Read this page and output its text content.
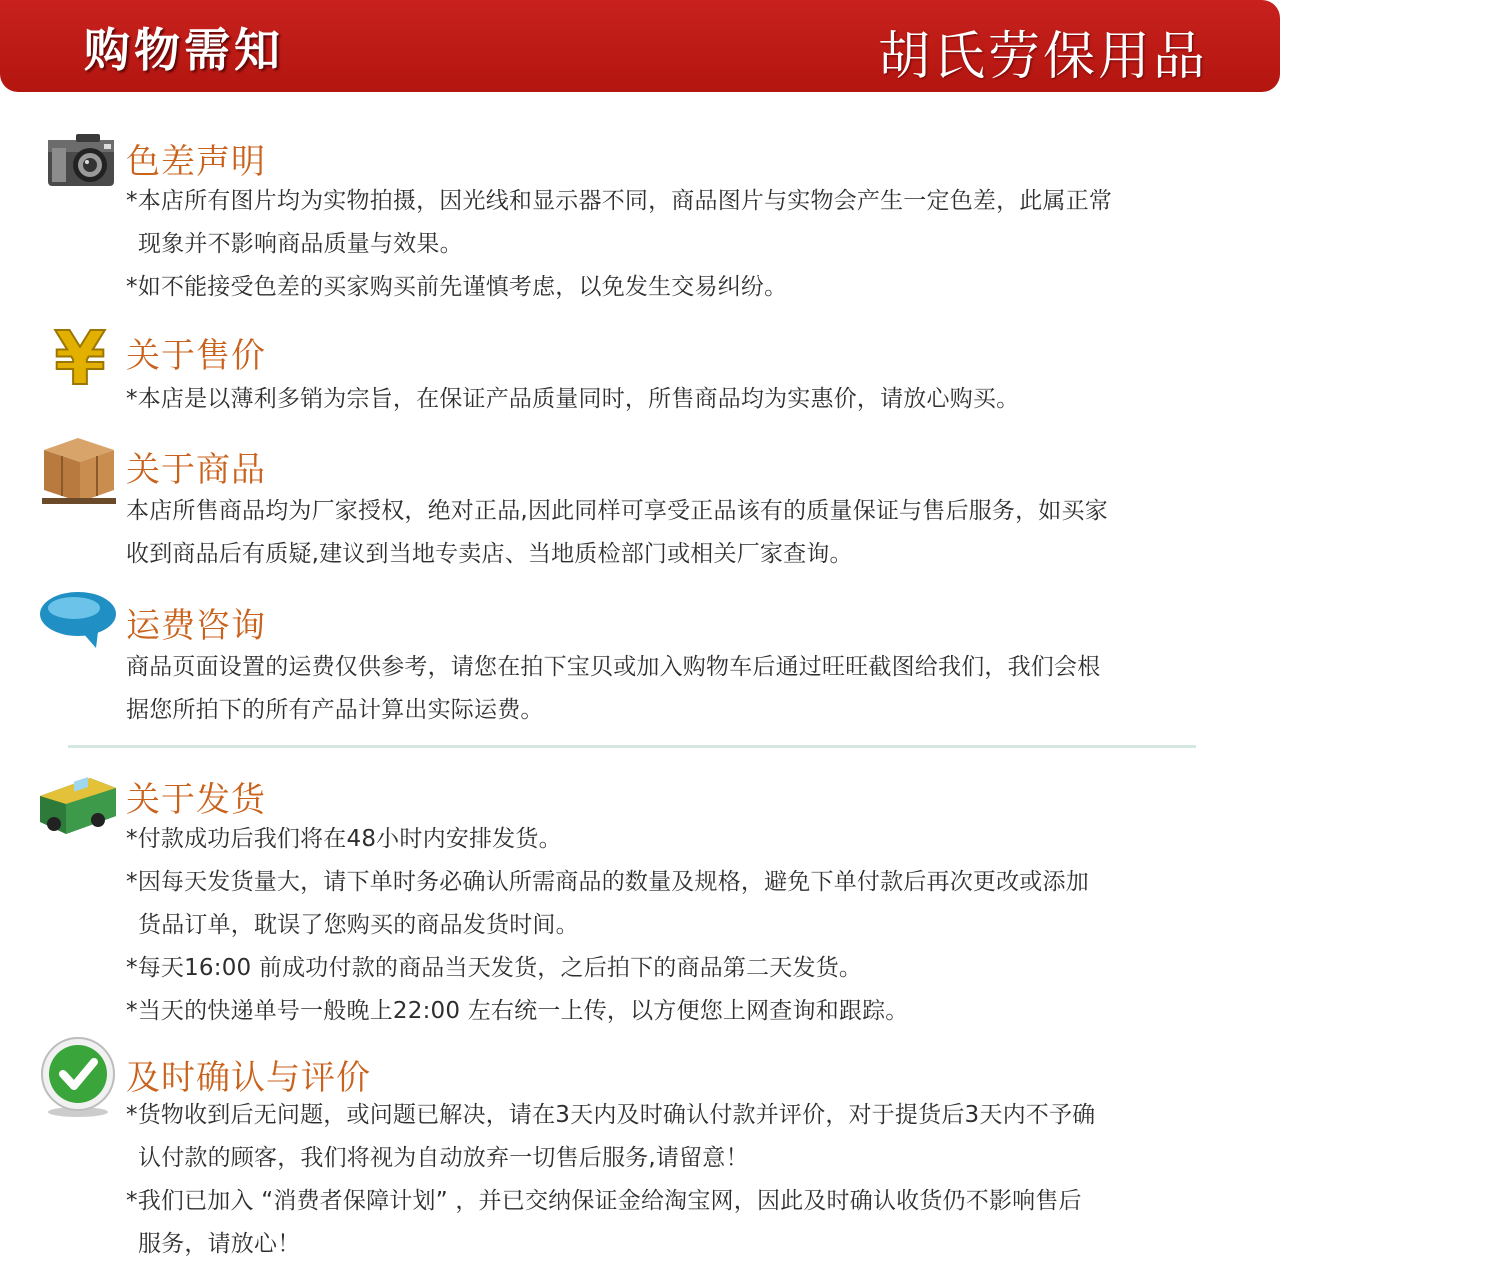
购物需知	胡氏劳保用品
色差声明
*本店所有图片均为实物拍摄，因光线和显示器不同，商品图片与实物会产生一定色差，此属正常
现象并不影响商品质量与效果。
*如不能接受色差的买家购买前先谨慎考虑，以免发生交易纠纷。
¥ 关于售价
*本店是以薄利多销为宗旨，在保证产品质量同时，所售商品均为实惠价，请放心购买。
关于商品
本店所售商品均为厂家授权，绝对正品,因此同样可享受正品该有的质量保证与售后服务，如买家
收到商品后有质疑,建议到当地专卖店、当地质检部门或相关厂家查询。
运费咨询
商品页面设置的运费仅供参考，请您在拍下宝贝或加入购物车后通过旺旺截图给我们，我们会根
据您所拍下的所有产品计算出实际运费。
关于发货
*付款成功后我们将在48小时内安排发货。
*因每天发货量大，请下单时务必确认所需商品的数量及规格，避免下单付款后再次更改或添加
货品订单，耽误了您购买的商品发货时间。
*每天16:00 前成功付款的商品当天发货，之后拍下的商品第二天发货。
*当天的快递单号一般晚上22:00 左右统一上传，以方便您上网查询和跟踪。
及时确认与评价
*货物收到后无问题，或问题已解决，请在3天内及时确认付款并评价，对于提货后3天内不予确
认付款的顾客，我们将视为自动放弃一切售后服务,请留意！
*我们已加入 “消费者保障计划” ，并已交纳保证金给淘宝网，因此及时确认收货仍不影响售后
服务，请放心！
